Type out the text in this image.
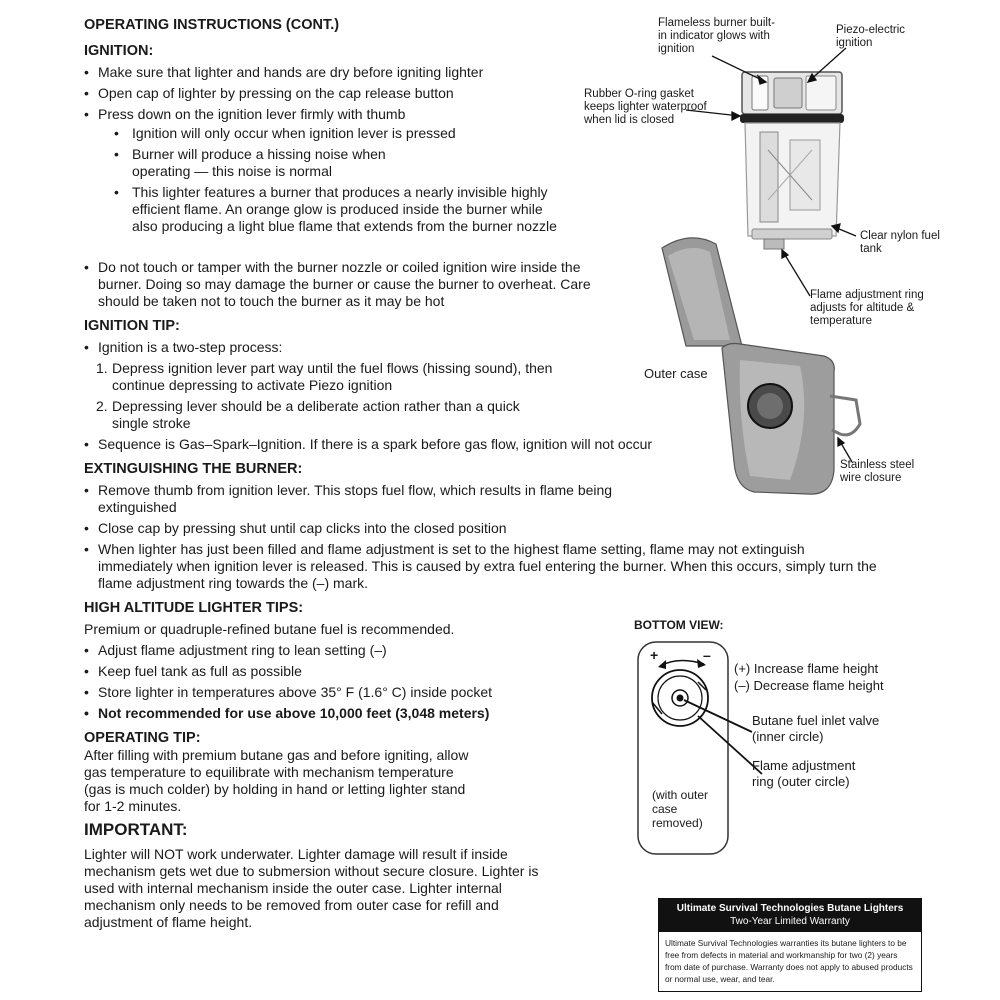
OPERATING INSTRUCTIONS (CONT.)
IGNITION:
• Make sure that lighter and hands are dry before igniting lighter
• Open cap of lighter by pressing on the cap release button
• Press down on the ignition lever firmly with thumb
• Ignition will only occur when ignition lever is pressed
• Burner will produce a hissing noise when operating — this noise is normal
• This lighter features a burner that produces a nearly invisible highly efficient flame. An orange glow is produced inside the burner while also producing a light blue flame that extends from the burner nozzle
• Do not touch or tamper with the burner nozzle or coiled ignition wire inside the burner. Doing so may damage the burner or cause the burner to overheat. Care should be taken not to touch the burner as it may be hot
IGNITION TIP:
• Ignition is a two-step process:
1. Depress ignition lever part way until the fuel flows (hissing sound), then continue depressing to activate Piezo ignition
2. Depressing lever should be a deliberate action rather than a quick single stroke
• Sequence is Gas–Spark–Ignition. If there is a spark before gas flow, ignition will not occur
EXTINGUISHING THE BURNER:
• Remove thumb from ignition lever. This stops fuel flow, which results in flame being extinguished
• Close cap by pressing shut until cap clicks into the closed position
• When lighter has just been filled and flame adjustment is set to the highest flame setting, flame may not extinguish immediately when ignition lever is released. This is caused by extra fuel entering the burner. When this occurs, simply turn the flame adjustment ring towards the (–) mark.
HIGH ALTITUDE LIGHTER TIPS:

Premium or quadruple-refined butane fuel is recommended.

• Adjust flame adjustment ring to lean setting (–)
• Keep fuel tank as full as possible
• Store lighter in temperatures above 35° F (1.6° C) inside pocket
• Not recommended for use above 10,000 feet (3,048 meters)
OPERATING TIP:

After filling with premium butane gas and before igniting, allow gas temperature to equilibrate with mechanism temperature (gas is much colder) by holding in hand or letting lighter stand for 1-2 minutes.

IMPORTANT:

Lighter will NOT work underwater. Lighter damage will result if inside mechanism gets wet due to submersion without secure closure. Lighter is used with internal mechanism inside the outer case. Lighter internal mechanism only needs to be removed from outer case for refill and adjustment of flame height.

Flameless burner built-in indicator glows with ignition
Piezo-electric ignition
Rubber O-ring gasket keeps lighter waterproof when lid is closed
Clear nylon fuel tank
Flame adjustment ring adjusts for altitude & temperature
Outer case
Stainless steel wire closure
BOTTOM VIEW:
+	–
(+) Increase flame height
(–) Decrease flame height
Butane fuel inlet valve (inner circle)
Flame adjustment ring (outer circle)
(with outer case removed)
Ultimate Survival Technologies Butane Lighters
Two-Year Limited Warranty
Ultimate Survival Technologies warranties its butane lighters to be free from defects in material and workmanship for two (2) years from date of purchase. Warranty does not apply to abused products or normal use, wear, and tear.
